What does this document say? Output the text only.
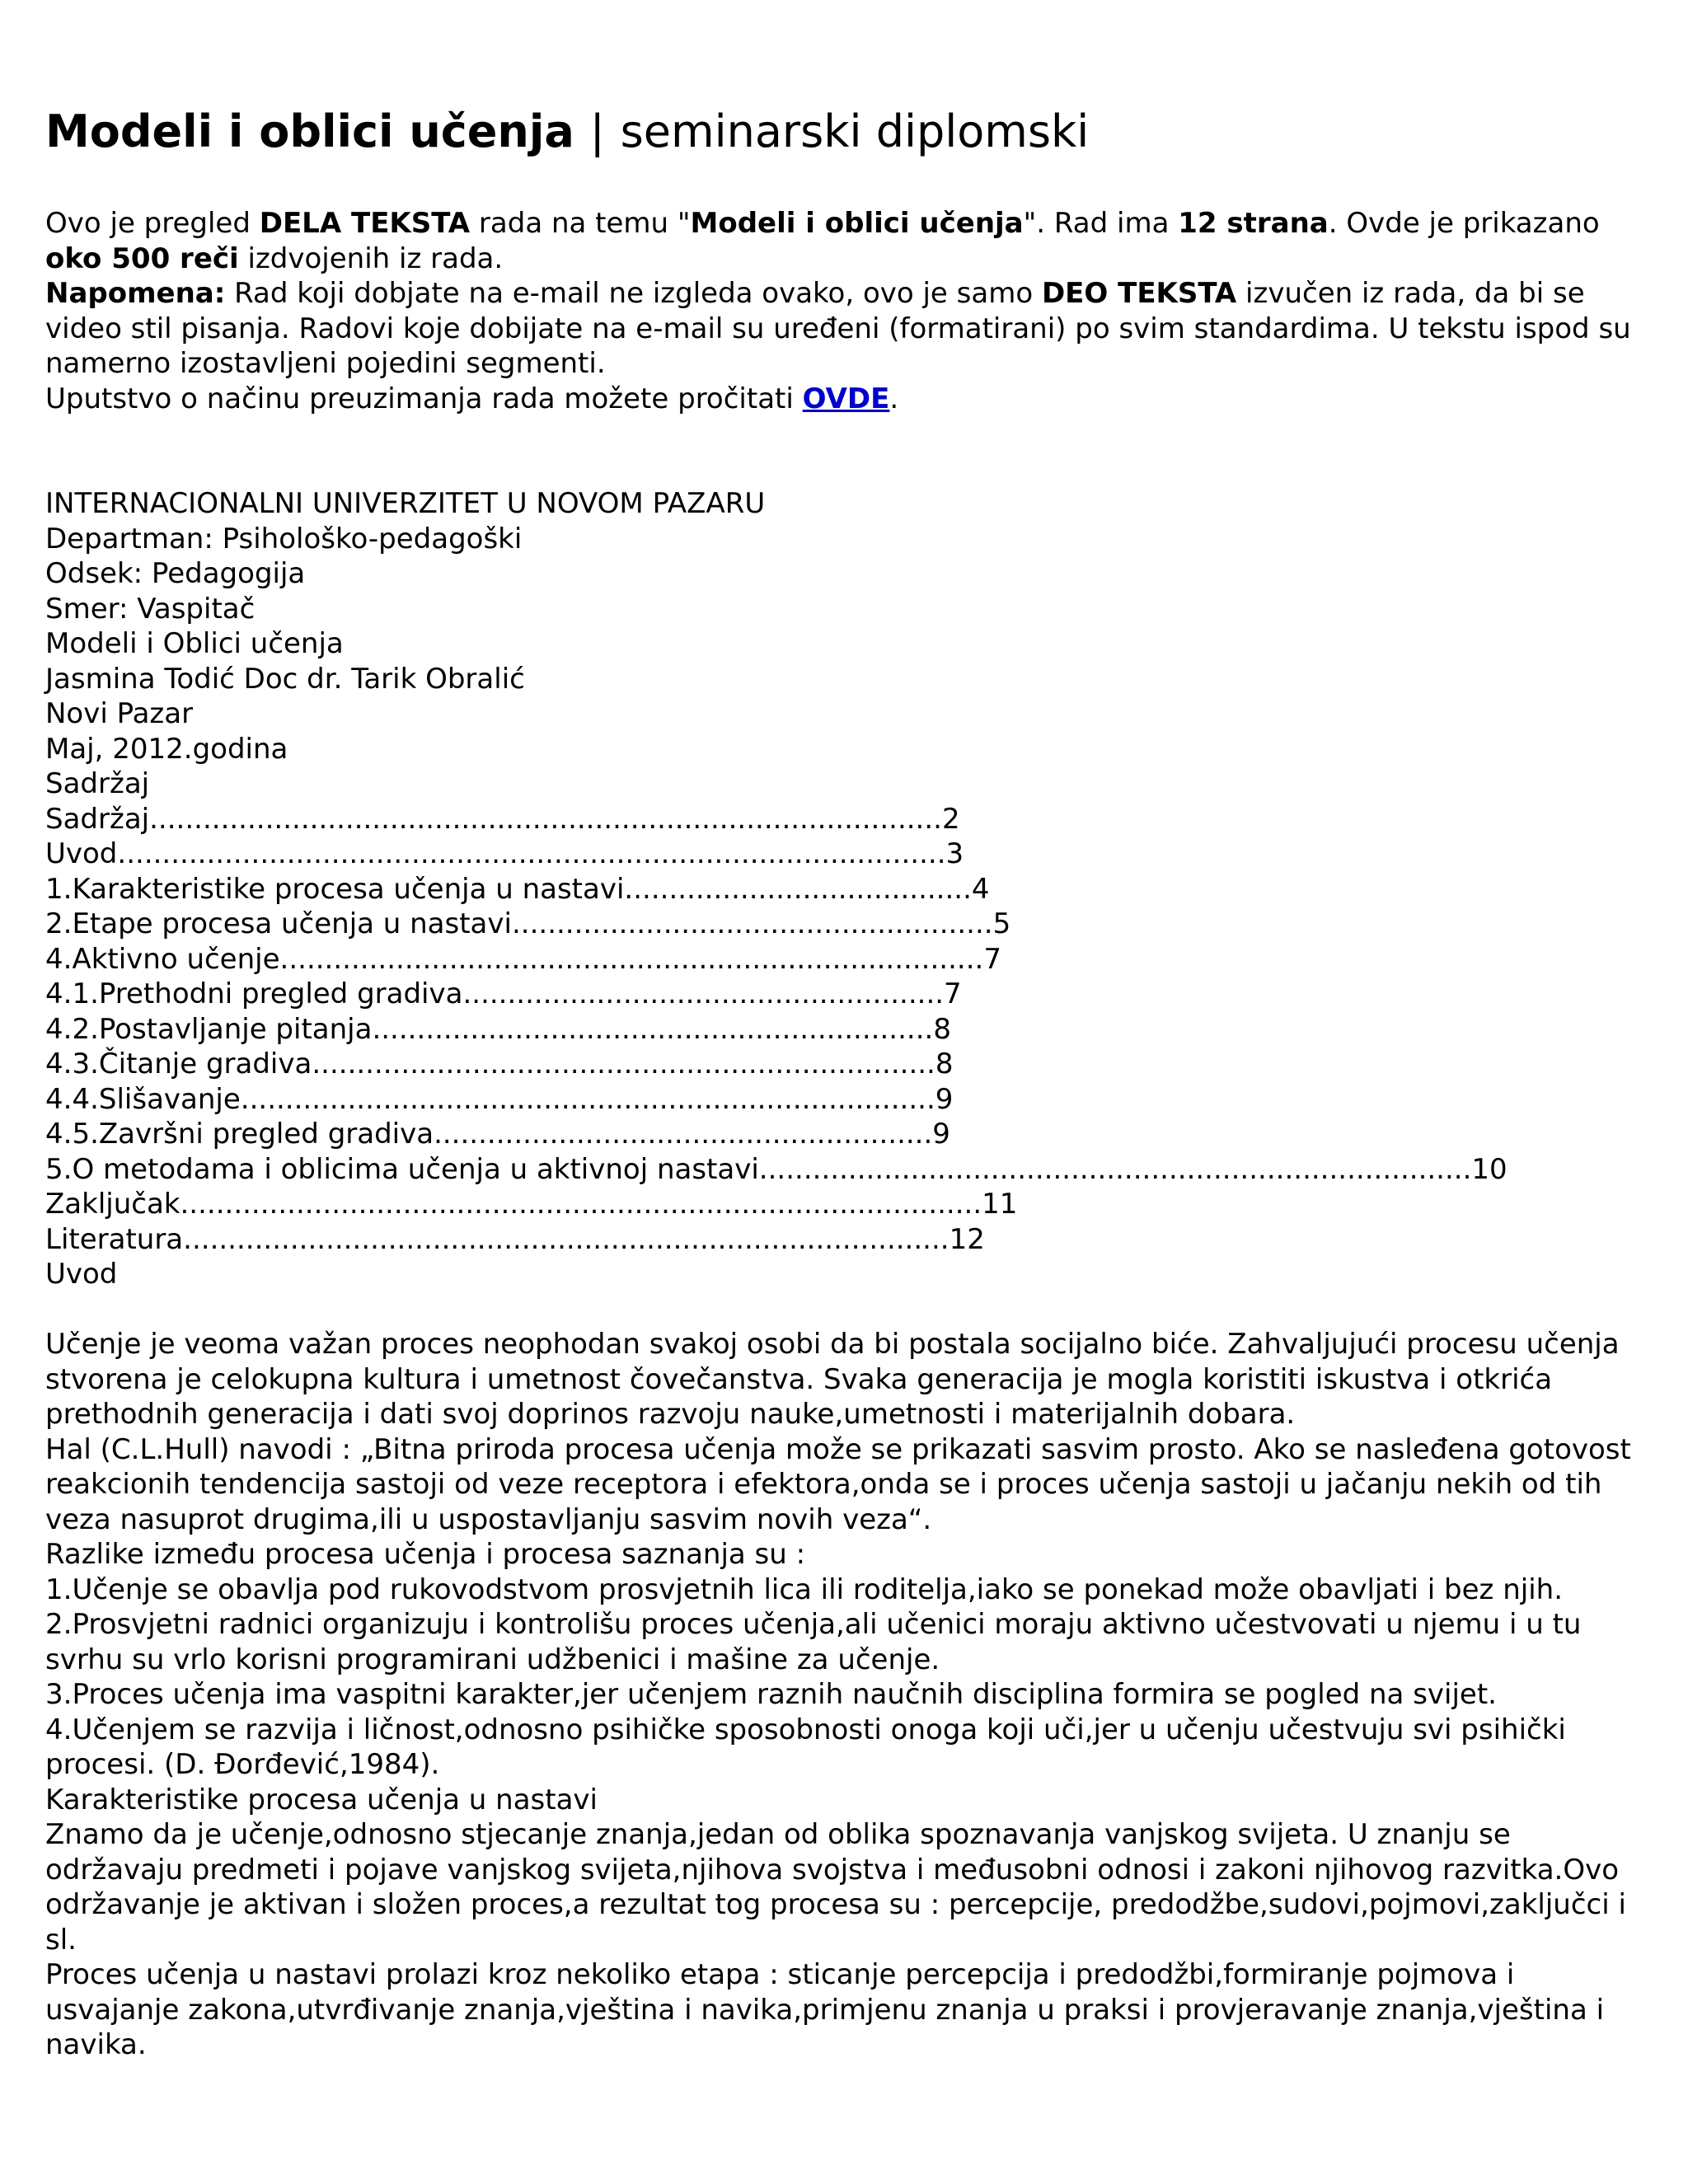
Modeli i oblici učenja | seminarski diplomski

Ovo je pregled DELA TEKSTA rada na temu "Modeli i oblici učenja". Rad ima 12 strana. Ovde je prikazano oko 500 reči izdvojenih iz rada.

Napomena: Rad koji dobjate na e-mail ne izgleda ovako, ovo je samo DEO TEKSTA izvučen iz rada, da bi se video stil pisanja. Radovi koje dobijate na e-mail su uređeni (formatirani) po svim standardima. U tekstu ispod su namerno izostavljeni pojedini segmenti.

Uputstvo o načinu preuzimanja rada možete pročitati OVDE.

INTERNACIONALNI UNIVERZITET U NOVOM PAZARU
Departman: Psihološko-pedagoški
Odsek: Pedagogija
Smer: Vaspitač
Modeli i Oblici učenja
Jasmina Todić Doc dr. Tarik Obralić
Novi Pazar
Maj, 2012.godina
Sadržaj
Sadržaj.........................................................................................2
Uvod.............................................................................................3
1.Karakteristike procesa učenja u nastavi.......................................4
2.Etape procesa učenja u nastavi......................................................5
4.Aktivno učenje...............................................................................7
4.1.Prethodni pregled gradiva......................................................7
4.2.Postavljanje pitanja...............................................................8
4.3.Čitanje gradiva......................................................................8
4.4.Slišavanje..............................................................................9
4.5.Završni pregled gradiva........................................................9
5.O metodama i oblicima učenja u aktivnoj nastavi................................................................................10
Zaključak..........................................................................................11
Literatura......................................................................................12
Uvod
Učenje je veoma važan proces neophodan svakoj osobi da bi postala socijalno biće. Zahvaljujući procesu učenja stvorena je celokupna kultura i umetnost čovečanstva. Svaka generacija je mogla koristiti iskustva i otkrića prethodnih generacija i dati svoj doprinos razvoju nauke,umetnosti i materijalnih dobara.
Hal (C.L.Hull) navodi : „Bitna priroda procesa učenja može se prikazati sasvim prosto. Ako se nasleđena gotovost reakcionih tendencija sastoji od veze receptora i efektora,onda se i proces učenja sastoji u jačanju nekih od tih veza nasuprot drugima,ili u uspostavljanju sasvim novih veza“.
Razlike između procesa učenja i procesa saznanja su :
1.Učenje se obavlja pod rukovodstvom prosvjetnih lica ili roditelja,iako se ponekad može obavljati i bez njih.
2.Prosvjetni radnici organizuju i kontrolišu proces učenja,ali učenici moraju aktivno učestvovati u njemu i u tu svrhu su vrlo korisni programirani udžbenici i mašine za učenje.
3.Proces učenja ima vaspitni karakter,jer učenjem raznih naučnih disciplina formira se pogled na svijet.
4.Učenjem se razvija i ličnost,odnosno psihičke sposobnosti onoga koji uči,jer u učenju učestvuju svi psihički procesi. (D. Đorđević,1984).
Karakteristike procesa učenja u nastavi
Znamo da je učenje,odnosno stjecanje znanja,jedan od oblika spoznavanja vanjskog svijeta. U znanju se održavaju predmeti i pojave vanjskog svijeta,njihova svojstva i međusobni odnosi i zakoni njihovog razvitka.Ovo održavanje je aktivan i složen proces,a rezultat tog procesa su : percepcije, predodžbe,sudovi,pojmovi,zaključci i sl.
Proces učenja u nastavi prolazi kroz nekoliko etapa : sticanje percepcija i predodžbi,formiranje pojmova i usvajanje zakona,utvrđivanje znanja,vještina i navika,primjenu znanja u praksi i provjeravanje znanja,vještina i navika.
